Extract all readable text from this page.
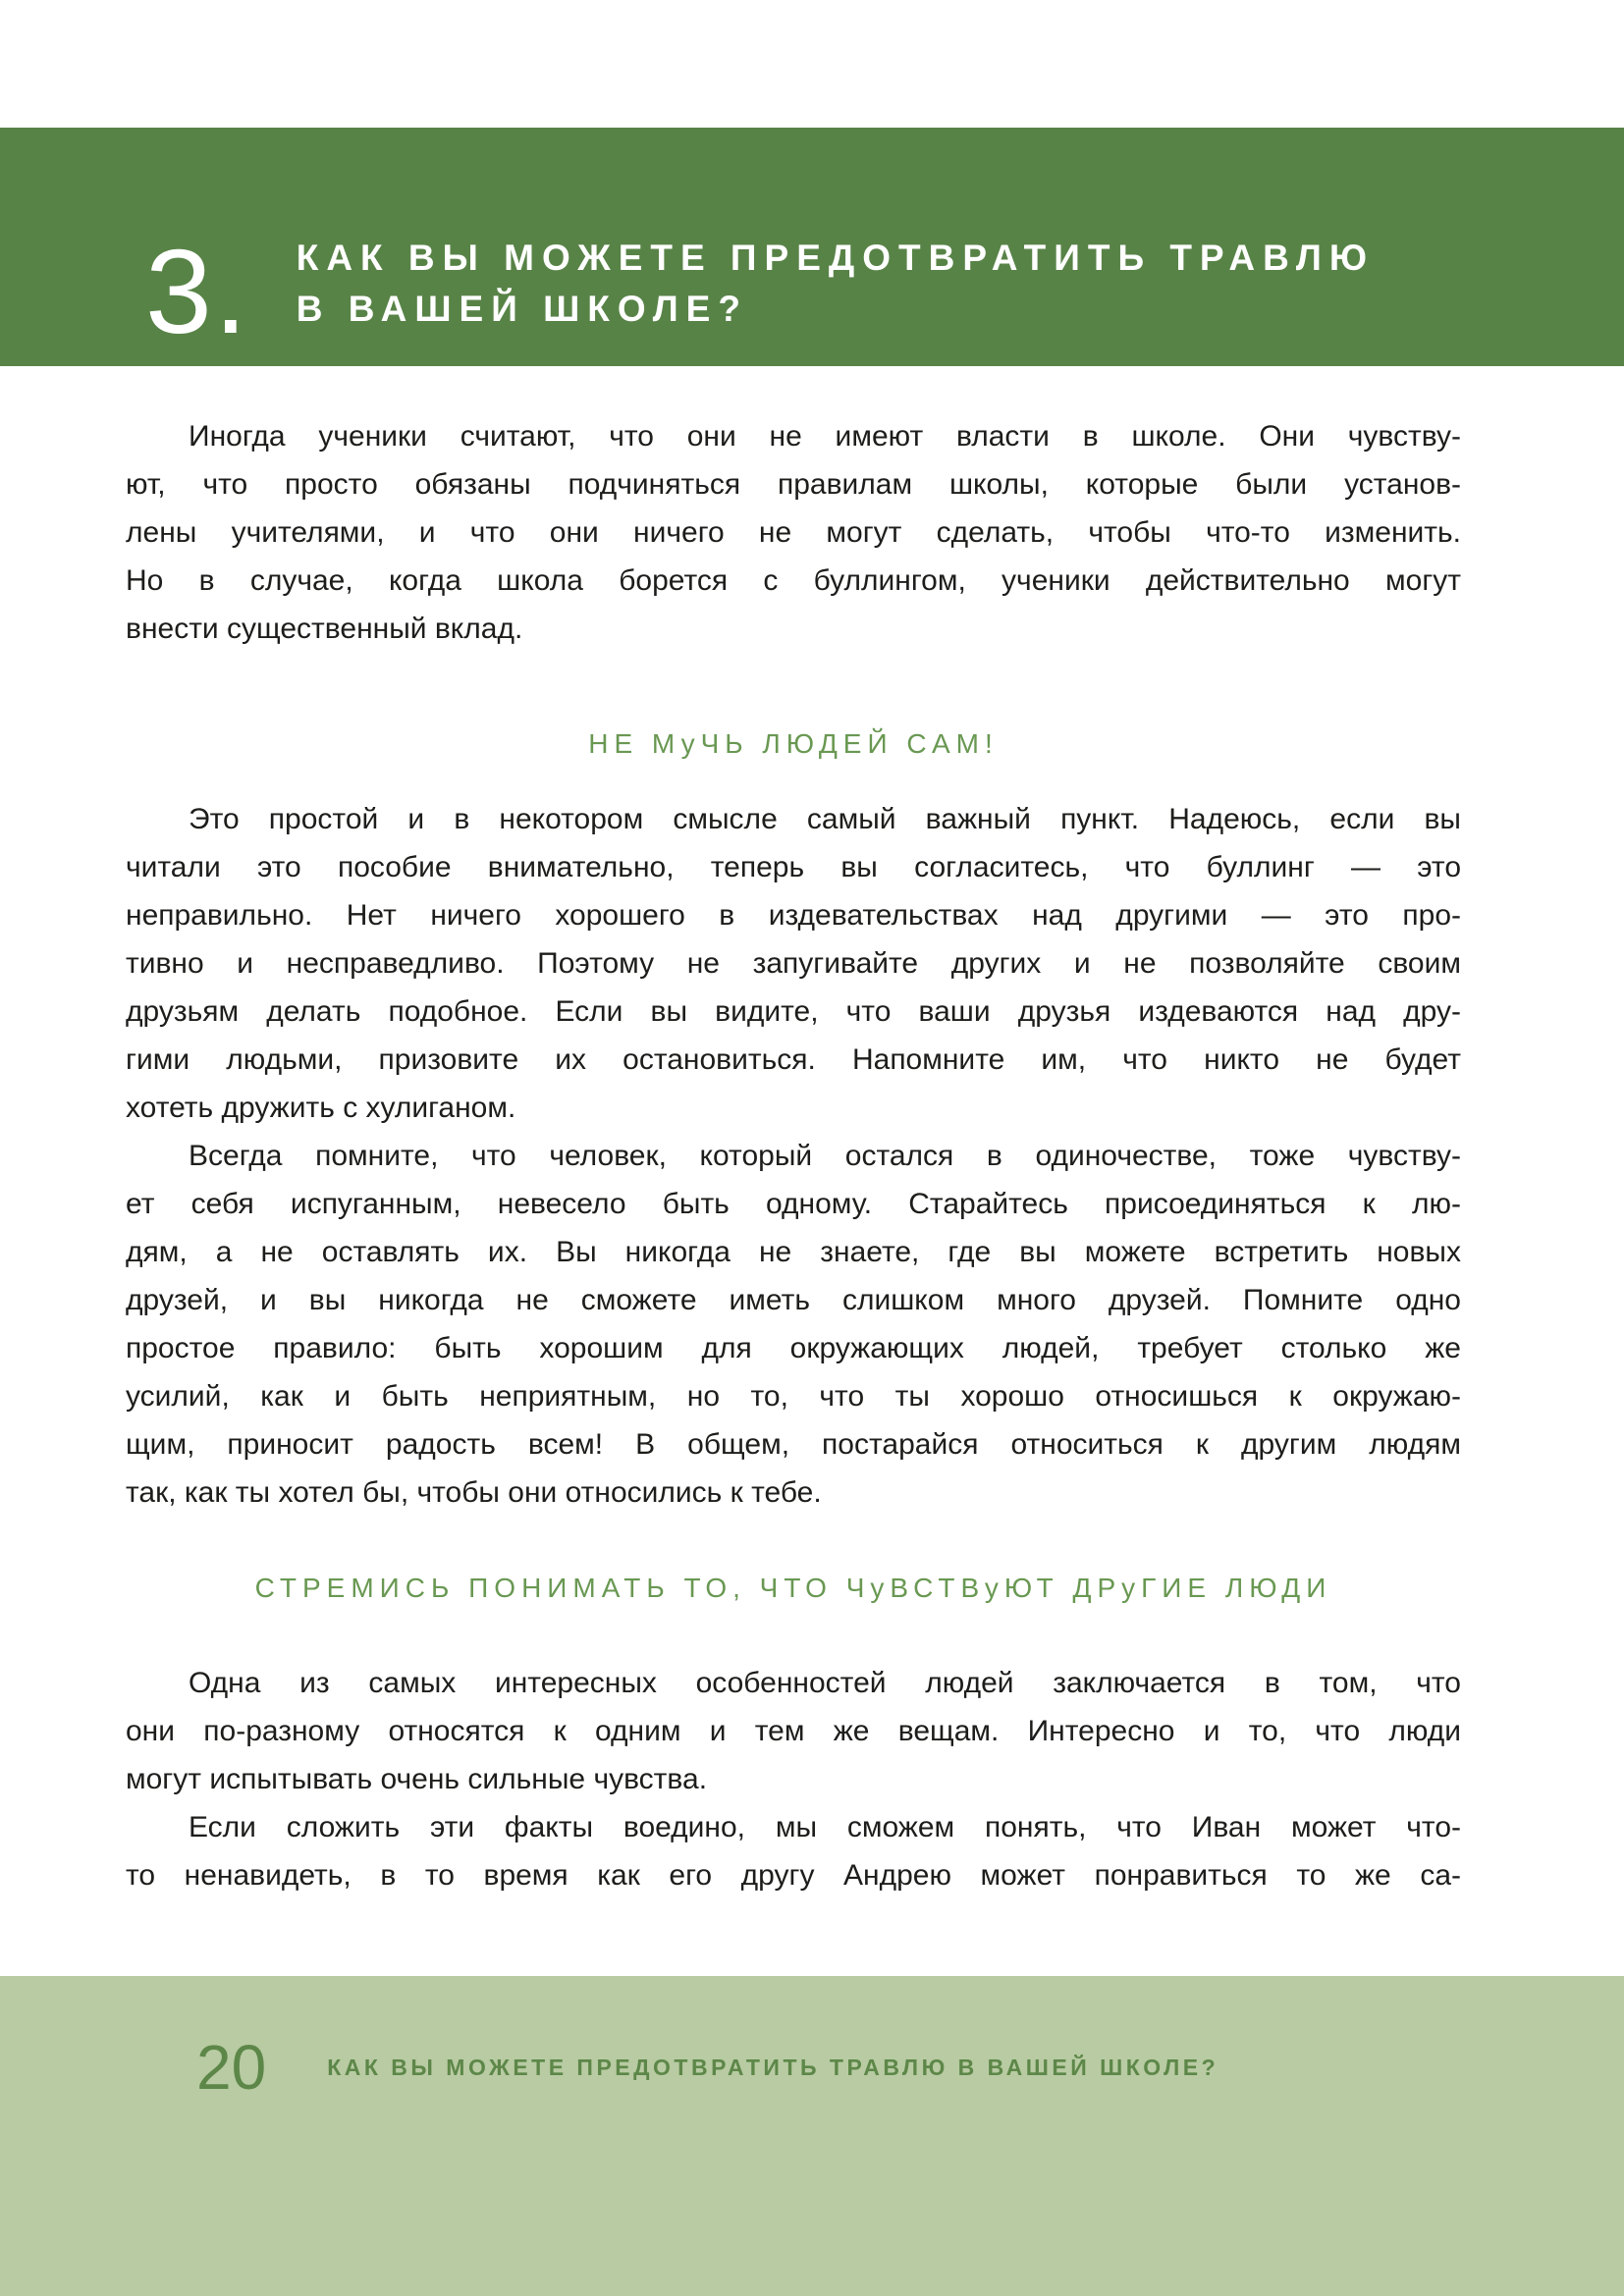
3. КАК ВЫ МОЖЕТЕ ПРЕДОТВРАТИТЬ ТРАВЛЮ
В ВАШЕЙ ШКОЛЕ?
Иногда ученики считают, что они не имеют власти в школе. Они чувству-
ют, что просто обязаны подчиняться правилам школы, которые были установ-
лены учителями, и что они ничего не могут сделать, чтобы что-то изменить.
Но в случае, когда школа борется с буллингом, ученики действительно могут
внести существенный вклад.
НЕ МуЧЬ ЛЮДЕЙ САМ!
Это простой и в некотором смысле самый важный пункт. Надеюсь, если вы
читали это пособие внимательно, теперь вы согласитесь, что буллинг — это
неправильно. Нет ничего хорошего в издевательствах над другими — это про-
тивно и несправедливо. Поэтому не запугивайте других и не позволяйте своим
друзьям делать подобное. Если вы видите, что ваши друзья издеваются над дру-
гими людьми, призовите их остановиться. Напомните им, что никто не будет
хотеть дружить с хулиганом.
Всегда помните, что человек, который остался в одиночестве, тоже чувству-
ет себя испуганным, невесело быть одному. Старайтесь присоединяться к лю-
дям, а не оставлять их. Вы никогда не знаете, где вы можете встретить новых
друзей, и вы никогда не сможете иметь слишком много друзей. Помните одно
простое правило: быть хорошим для окружающих людей, требует столько же
усилий, как и быть неприятным, но то, что ты хорошо относишься к окружаю-
щим, приносит радость всем! В общем, постарайся относиться к другим людям
так, как ты хотел бы, чтобы они относились к тебе.
СТРЕМИСЬ ПОНИМАТЬ ТО, ЧТО ЧуВСТВуЮТ ДРуГИЕ ЛЮДИ
Одна из самых интересных особенностей людей заключается в том, что
они по-разному относятся к одним и тем же вещам. Интересно и то, что люди
могут испытывать очень сильные чувства.
Если сложить эти факты воедино, мы сможем понять, что Иван может что-
то ненавидеть, в то время как его другу Андрею может понравиться то же са-
20	КАК ВЫ МОЖЕТЕ ПРЕДОТВРАТИТЬ ТРАВЛЮ В ВАШЕЙ ШКОЛЕ?
